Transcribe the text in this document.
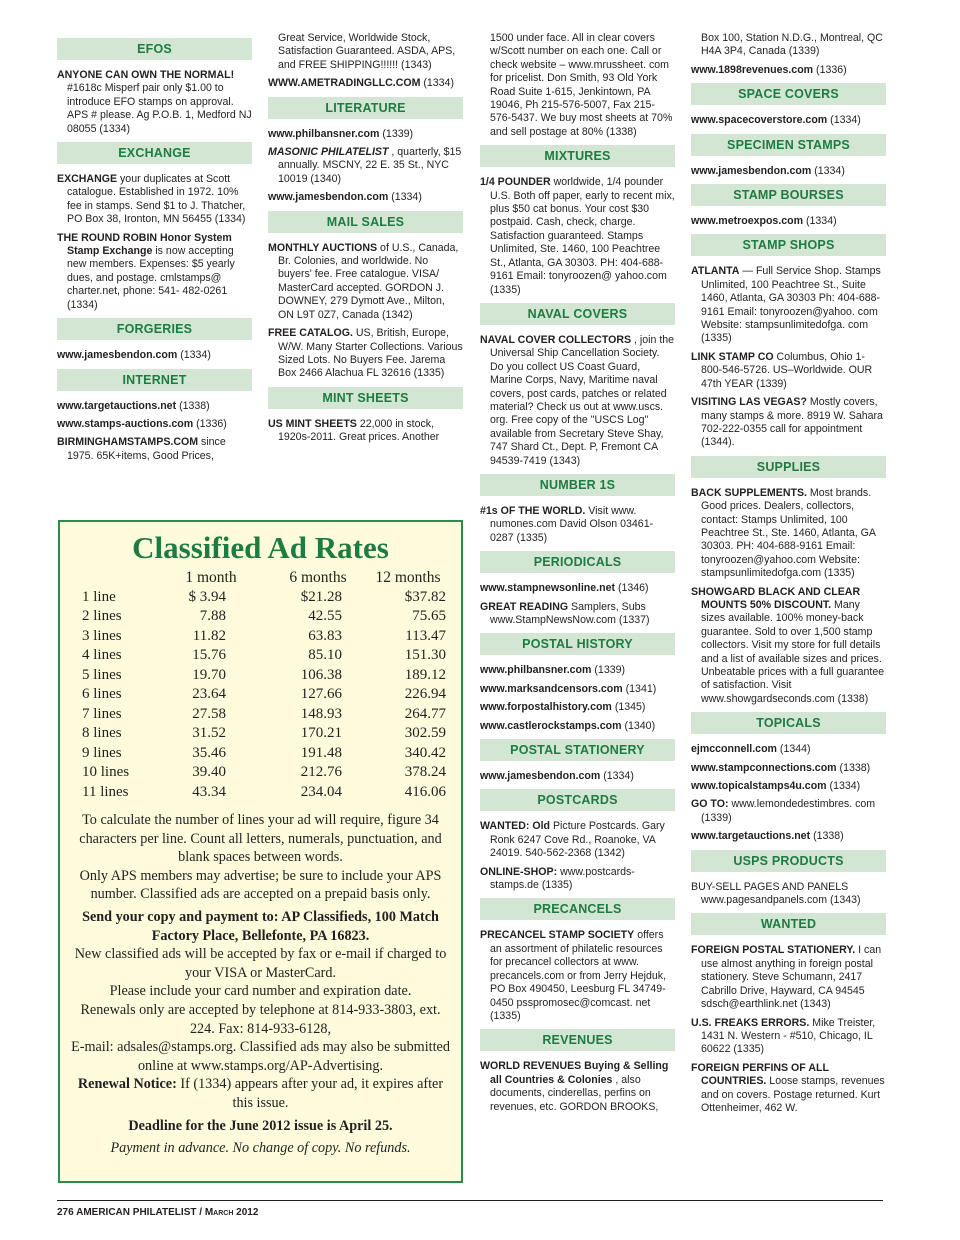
EFOS

ANYONE CAN OWN THE NORMAL! #1618c Misperf pair only $1.00 to introduce EFO stamps on approval. APS # please. Ag P.O.B. 1, Medford NJ 08055 (1334)

EXCHANGE

EXCHANGE your duplicates at Scott catalogue. Established in 1972. 10% fee in stamps. Send $1 to J. Thatcher, PO Box 38, Ironton, MN 56455 (1334)

THE ROUND ROBIN Honor System Stamp Exchange is now accepting new members. Expenses: $5 yearly dues, and postage. cmlstamps@ charter.net, phone: 541- 482-0261 (1334)

FORGERIES

www.jamesbendon.com (1334)

INTERNET

www.targetauctions.net (1338)

www.stamps-auctions.com (1336)

BIRMINGHAMSTAMPS.COM since 1975. 65K+items, Good Prices,

Great Service, Worldwide Stock, Satisfaction Guaranteed. ASDA, APS, and FREE SHIPPING!!!!!! (1343)

WWW.AMETRADINGLLC.COM (1334)

LITERATURE

www.philbansner.com (1339)

MASONIC PHILATELIST , quarterly, $15 annually. MSCNY, 22 E. 35 St., NYC 10019 (1340)

www.jamesbendon.com (1334)

MAIL SALES

MONTHLY AUCTIONS of U.S., Canada, Br. Colonies, and worldwide. No buyers' fee. Free catalogue. VISA/ MasterCard accepted. GORDON J. DOWNEY, 279 Dymott Ave., Milton, ON L9T 0Z7, Canada (1342)

FREE CATALOG. US, British, Europe, W/W. Many Starter Collections. Various Sized Lots. No Buyers Fee. Jarema Box 2466 Alachua FL 32616 (1335)

MINT SHEETS

US MINT SHEETS 22,000 in stock, 1920s-2011. Great prices. Another

1500 under face. All in clear covers w/Scott number on each one. Call or check website – www.mrussheet. com for pricelist. Don Smith, 93 Old York Road Suite 1-615, Jenkintown, PA 19046, Ph 215-576-5007, Fax 215-576-5437. We buy most sheets at 70% and sell postage at 80% (1338)

MIXTURES

1/4 POUNDER worldwide, 1/4 pounder U.S. Both off paper, early to recent mix, plus $50 cat bonus. Your cost $30 postpaid. Cash, check, charge. Satisfaction guaranteed. Stamps Unlimited, Ste. 1460, 100 Peachtree St., Atlanta, GA 30303. PH: 404-688-9161 Email: tonyroozen@ yahoo.com (1335)

NAVAL COVERS

NAVAL COVER COLLECTORS , join the Universal Ship Cancellation Society. Do you collect US Coast Guard, Marine Corps, Navy, Maritime naval covers, post cards, patches or related material? Check us out at www.uscs. org. Free copy of the "USCS Log" available from Secretary Steve Shay, 747 Shard Ct., Dept. P, Fremont CA 94539-7419 (1343)

NUMBER 1S

#1s OF THE WORLD. Visit www. numones.com David Olson 03461-0287 (1335)

PERIODICALS

www.stampnewsonline.net (1346)

GREAT READING Samplers, Subs www.StampNewsNow.com (1337)

POSTAL HISTORY

www.philbansner.com (1339)

www.marksandcensors.com (1341)

www.forpostalhistory.com (1345)

www.castlerockstamps.com (1340)

POSTAL STATIONERY

www.jamesbendon.com (1334)

POSTCARDS

WANTED: Old Picture Postcards. Gary Ronk 6247 Cove Rd., Roanoke, VA 24019. 540-562-2368 (1342)

ONLINE-SHOP: www.postcards-stamps.de (1335)

PRECANCELS

PRECANCEL STAMP SOCIETY offers an assortment of philatelic resources for precancel collectors at www. precancels.com or from Jerry Hejduk, PO Box 490450, Leesburg FL 34749-0450 psspromosec@comcast. net (1335)

REVENUES

WORLD REVENUES Buying & Selling all Countries & Colonies , also documents, cinderellas, perfins on revenues, etc. GORDON BROOKS,

Box 100, Station N.D.G., Montreal, QC H4A 3P4, Canada (1339)

www.1898revenues.com (1336)

SPACE COVERS

www.spacecoverstore.com (1334)

SPECIMEN STAMPS

www.jamesbendon.com (1334)

STAMP BOURSES

www.metroexpos.com (1334)

STAMP SHOPS

ATLANTA — Full Service Shop. Stamps Unlimited, 100 Peachtree St., Suite 1460, Atlanta, GA 30303 Ph: 404-688-9161 Email: tonyroozen@yahoo. com Website: stampsunlimitedofga. com (1335)

LINK STAMP CO Columbus, Ohio 1-800-546-5726. US–Worldwide. OUR 47th YEAR (1339)

VISITING LAS VEGAS? Mostly covers, many stamps & more. 8919 W. Sahara 702-222-0355 call for appointment (1344).

SUPPLIES

BACK SUPPLEMENTS. Most brands. Good prices. Dealers, collectors, contact: Stamps Unlimited, 100 Peachtree St., Ste. 1460, Atlanta, GA 30303. PH: 404-688-9161 Email: tonyroozen@yahoo.com Website: stampsunlimitedofga.com (1335)

SHOWGARD BLACK AND CLEAR MOUNTS 50% DISCOUNT. Many sizes available. 100% money-back guarantee. Sold to over 1,500 stamp collectors. Visit my store for full details and a list of available sizes and prices. Unbeatable prices with a full guarantee of satisfaction. Visit www.showgardseconds.com (1338)

TOPICALS

ejmcconnell.com (1344)

www.stampconnections.com (1338)

www.topicalstamps4u.com (1334)

GO TO: www.lemondedestimbres. com (1339)

www.targetauctions.net (1338)

USPS PRODUCTS

BUY-SELL PAGES AND PANELS www.pagesandpanels.com (1343)

WANTED

FOREIGN POSTAL STATIONERY. I can use almost anything in foreign postal stationery. Steve Schumann, 2417 Cabrillo Drive, Hayward, CA 94545 sdsch@earthlink.net (1343)

U.S. FREAKS ERRORS. Mike Treister, 1431 N. Western - #510, Chicago, IL 60622 (1335)

FOREIGN PERFINS OF ALL COUNTRIES. Loose stamps, revenues and on covers. Postage returned. Kurt Ottenheimer, 462 W.

Classified Ad Rates
	1 month	6 months	12 months
1 line	$ 3.94	$21.28	$37.82
2 lines	7.88	42.55	75.65
3 lines	11.82	63.83	113.47
4 lines	15.76	85.10	151.30
5 lines	19.70	106.38	189.12
6 lines	23.64	127.66	226.94
7 lines	27.58	148.93	264.77
8 lines	31.52	170.21	302.59
9 lines	35.46	191.48	340.42
10 lines	39.40	212.76	378.24
11 lines	43.34	234.04	416.06

To calculate the number of lines your ad will require, figure 34 characters per line. Count all letters, numerals, punctuation, and blank spaces between words.

Only APS members may advertise; be sure to include your APS number. Classified ads are accepted on a prepaid basis only.

Send your copy and payment to: AP Classifieds, 100 Match Factory Place, Bellefonte, PA 16823.

New classified ads will be accepted by fax or e-mail if charged to your VISA or MasterCard.

Please include your card number and expiration date.

Renewals only are accepted by telephone at 814-933-3803, ext. 224. Fax: 814-933-6128,

E-mail: adsales@stamps.org. Classified ads may also be submitted online at www.stamps.org/AP-Advertising.

Renewal Notice: If (1334) appears after your ad, it expires after this issue.

Deadline for the June 2012 issue is April 25.

Payment in advance. No change of copy. No refunds.

276 AMERICAN PHILATELIST / March 2012
